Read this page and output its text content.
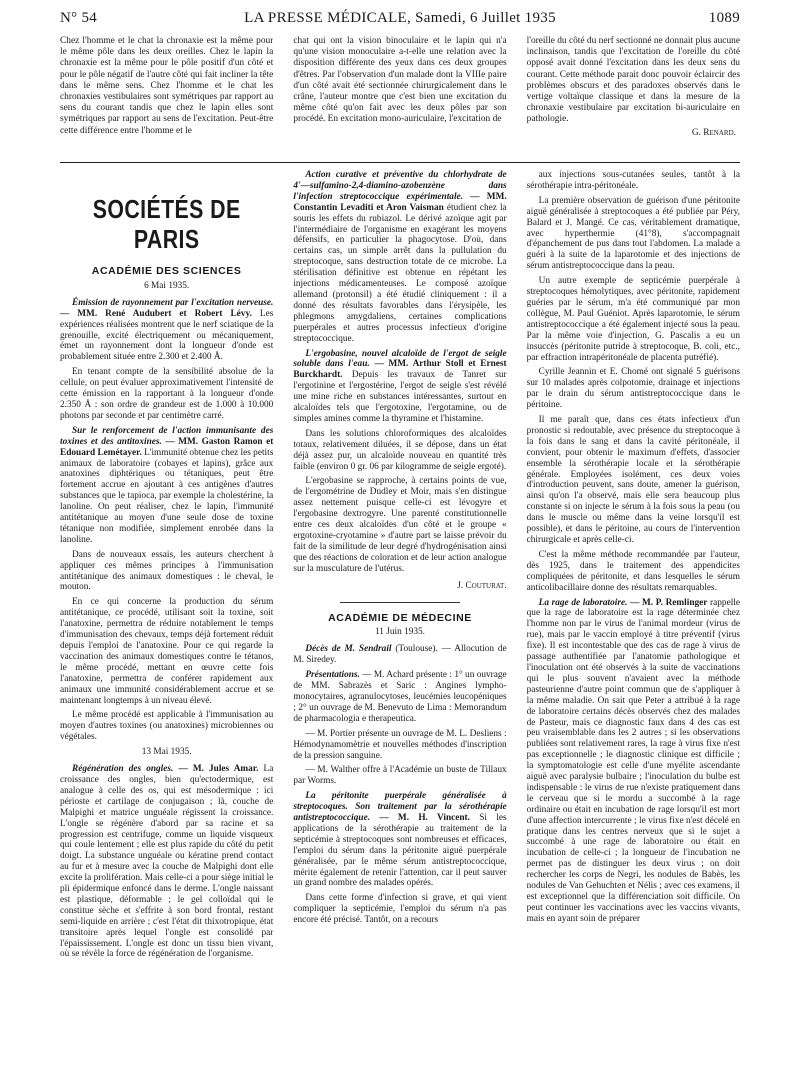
N° 54	LA PRESSE MÉDICALE, Samedi, 6 Juillet 1935	1089

Chez l'homme et le chat la chronaxie est la même pour le même pôle dans les deux oreilles. Chez le lapin la chronaxie est la même pour le pôle positif d'un côté et pour le pôle négatif de l'autre côté qui fait incliner la tête dans le même sens. Chez l'homme et le chat les chronaxies vestibulaires sont symétriques par rapport au sens du courant tandis que chez le lapin elles sont symétriques par rapport au sens de l'excitation. Peut-être cette différence entre l'homme et le

chat qui ont la vision binoculaire et le lapin qui n'a qu'une vision monoculaire a-t-elle une relation avec la disposition différente des yeux dans ces deux groupes d'êtres. Par l'observation d'un malade dont la VIIIe paire d'un côté avait été sectionnée chirurgicalement dans le crâne, l'auteur montre que c'est bien une excitation du même côté qu'on fait avec les deux pôles par son procédé. En excitation mono-auriculaire, l'excitation de

l'oreille du côté du nerf sectionné ne donnait plus aucune inclinaison, tandis que l'excitation de l'oreille du côté opposé avait donné l'excitation dans les deux sens du courant. Cette méthode parait donc pouvoir éclaircir des problèmes obscurs et des paradoxes observés dans le vertige voltaïque classique et dans la mesure de la chronaxie vestibulaire par excitation bi-auriculaire en pathologie.

G. Renard.

SOCIÉTÉS DE PARIS
ACADÉMIE DES SCIENCES
6 Mai 1935.

Émission de rayonnement par l'excitation nerveuse. — MM. René Audubert et Robert Lévy. Les expériences réalisées montrent que le nerf sciatique de la grenouille, excité électriquement ou mécaniquement, émet un rayonnement dont la longueur d'onde est probablement située entre 2.300 et 2.400 Å.

En tenant compte de la sensibilité absolue de la cellule, on peut évaluer approximativement l'intensité de cette émission en la rapportant à la longueur d'onde 2.350 Å : son ordre de grandeur est de 1.000 à 10.000 photons par seconde et par centimètre carré.

Sur le renforcement de l'action immunisante des toxines et des antitoxines. — MM. Gaston Ramon et Edouard Lemétayer. L'immunité obtenue chez les petits animaux de laboratoire (cobayes et lapins), grâce aux anatoxines diphtériques ou tétaniques, peut être fortement accrue en ajoutant à ces antigènes d'autres substances que le tapioca, par exemple la cholestérine, la lanoline. On peut réaliser, chez le lapin, l'immunité antitétanique au moyen d'une seule dose de toxine tétanique non modifiée, simplement enrobée dans la lanoline.

Dans de nouveaux essais, les auteurs cherchent à appliquer ces mêmes principes à l'immunisation antitétanique des animaux domestiques : le cheval, le mouton.

En ce qui concerne la production du sérum antitétanique, ce procédé, utilisant soit la toxine, soit l'anatoxine, permettra de réduire notablement le temps d'immunisation des chevaux, temps déjà fortement réduit depuis l'emploi de l'anatoxine. Pour ce qui regarde la vaccination des animaux domestiques contre le tétanos, le même procédé, mettant en œuvre cette fois l'anatoxine, permettra de conférer rapidement aux animaux une immunité considérablement accrue et se maintenant longtemps à un niveau élevé.

Le même procédé est applicable à l'immunisation au moyen d'autres toxines (ou anatoxines) microbiennes ou végétales.

13 Mai 1935.

Régénération des ongles. — M. Jules Amar. La croissance des ongles, bien qu'ectodermique, est analogue à celle des os, qui est mésodermique : ici périoste et cartilage de conjugaison ; là, couche de Malpighi et matrice unguéale régissent la croissance. L'ongle se régénère d'abord par sa racine et sa progression est centrifuge, comme un liquide visqueux qui coule lentement ; elle est plus rapide du côté du petit doigt. La substance unguéale ou kératine prend contact au fur et à mesure avec la couche de Malpighi dont elle excite la prolifération. Mais celle-ci a pour siège initial le pli épidermique enfoncé dans le derme. L'ongle naissant est plastique, déformable ; le gel colloïdal qui le constitue sèche et s'effrite à son bord frontal, restant semi-liquide en arrière ; c'est l'état dit thixotropique, état transitoire après lequel l'ongle est consolidé par l'épaississement. L'ongle est donc un tissu bien vivant, où se révèle la force de régénération de l'organisme.

Action curative et préventive du chlorhydrate de 4'—sulfamino-2,4-diamino-azobenzène dans l'infection streptococcique expérimentale. — MM. Constantin Levaditi et Aron Vaisman étudient chez la souris les effets du rubiazol. Le dérivé azoïque agit par l'intermédiaire de l'organisme en exagérant les moyens défensifs, en particulier la phagocytose. D'où, dans certains cas, un simple arrêt dans la pullulation du streptocoque, sans destruction totale de ce microbe. La stérilisation définitive est obtenue en répétant les injections médicamenteuses. Le composé azoïque allemand (protonsil) a été étudié cliniquement : il a donné des résultats favorables dans l'érysipèle, les phlegmons amygdaliens, certaines complications puerpérales et autres processus infectieux d'origine streptococcique.

L'ergobasine, nouvel alcaloïde de l'ergot de seigle soluble dans l'eau. — MM. Arthur Stoll et Ernest Burckhardt. Depuis les travaux de Tanret sur l'ergotinine et l'ergostérine, l'ergot de seigle s'est révélé une mine riche en substances intéressantes, surtout en alcaloïdes tels que l'ergotoxine, l'ergotamine, ou de simples amines comme la thyramine et l'histamine.

Dans les solutions chloroformiques des alcaloïdes totaux, relativement diluées, il se dépose, dans un état déjà assez pur, un alcaloïde nouveau en quantité très faible (environ 0 gr. 06 par kilogramme de seigle ergoté).

L'ergobasine se rapproche, à certains points de vue, de l'ergométrine de Dudley et Moir, mais s'en distingue assez nettement puisque celle-ci est lévogyre et l'ergobasine dextrogyre. Une parenté constitutionnelle entre ces deux alcaloïdes d'un côté et le groupe « ergotoxine-cryotamine » d'autre part se laisse prévoir du fait de la similitude de leur degré d'hydrogénisation ainsi que des réactions de coloration et de leur action analogue sur la musculature de l'utérus.

J. Couturat.

ACADÉMIE DE MÉDECINE
11 Juin 1935.

Décès de M. Sendrail (Toulouse). — Allocution de M. Siredey.

Présentations. — M. Achard présente : 1° un ouvrage de MM. Sabrazès et Saric : Angines lympho-monocytaires, agranulocytoses, leucémies leucopéniques ; 2° un ouvrage de M. Benevuto de Lima : Memorandum de pharmacologia e therapeutica.

— M. Portier présente un ouvrage de M. L. Desliens : Hémodynamomètrie et nouvelles méthodes d'inscription de la pression sanguine.

— M. Walther offre à l'Académie un buste de Tillaux par Worms.

La péritonite puerpérale généralisée à streptocoques. Son traitement par la sérothérapie antistreptococcique. — M. H. Vincent. Si les applications de la sérothérapie au traitement de la septicémie à streptocoques sont nombreuses et efficaces, l'emploi du sérum dans la péritonite aiguë puerpérale généralisée, par le même sérum antistreptococcique, mérite également de retenir l'attention, car il peut sauver un grand nombre des malades opérés.

Dans cette forme d'infection si grave, et qui vient compliquer la septicémie, l'emploi du sérum n'a pas encore été précisé. Tantôt, on a recours

aux injections sous-cutanées seules, tantôt à la sérothérapie intra-péritonéale.

La première observation de guérison d'une péritonite aiguë généralisée à streptocoques a été publiée par Péry, Balard et J. Mangé. Ce cas, véritablement dramatique, avec hyperthermie (41°8), s'accompagnait d'épanchement de pus dans tout l'abdomen. La malade a guéri à la suite de la laparotomie et des injections de sérum antistreptococcique dans la peau.

Un autre exemple de septicémie puerpérale à streptocoques hémolytiques, avec péritonite, rapidement guéries par le sérum, m'a été communiqué par mon collègue, M. Paul Guéniot. Après laparotomie, le sérum antistreptococcique a été également injecté sous la peau. Par la même voie d'injection, G. Pascalis a eu un insuccès (péritonite putride à streptocoque, B. coli, etc., par effraction intrapéritonéale de placenta putréfié).

Cyrille Jeannin et E. Chomé ont signalé 5 guérisons sur 10 malades après colpotomie, drainage et injections par le drain du sérum antistreptococcique dans le péritoine.

Il me paraît que, dans ces états infectieux d'un pronostic si redoutable, avec présence du streptocoque à la fois dans le sang et dans la cavité péritonéale, il convient, pour obtenir le maximum d'effets, d'associer ensemble la sérothérapie locale et la sérothérapie générale. Employées isolément, ces deux voies d'introduction peuvent, sans doute, amener la guérison, ainsi qu'on l'a observé, mais elle sera beaucoup plus constante si on injecte le sérum à la fois sous la peau (ou dans le muscle ou même dans la veine lorsqu'il est possible), et dans le péritoine, au cours de l'intervention chirurgicale et après celle-ci.

C'est la même méthode recommandée par l'auteur, dès 1925, dans le traitement des appendicites compliquées de péritonite, et dans lesquelles le sérum anticolibacillaire donne des résultats remarquables.

La rage de laboratoire. — M. P. Remlinger rappelle que la rage de laboratoire est la rage déterminée chez l'homme non par le virus de l'animal mordeur (virus de rue), mais par le vaccin employé à titre préventif (virus fixe). Il est incontestable que des cas de rage à virus de passage authentifiée par l'anatomie pathologique et l'inoculation ont été observés à la suite de vaccinations qui le plus souvent n'avaient avec la méthode pasteurienne d'autre point commun que de s'appliquer à la même maladie. On sait que Peter a attribué à la rage de laboratoire certains décès observés chez des malades de Pasteur, mais ce diagnostic faux dans 4 des cas est peu vraisemblable dans les 2 autres ; si les observations publiées sont relativement rares, la rage à virus fixe n'est pas exceptionnelle ; le diagnostic clinique est difficile ; la symptomatologie est celle d'une myélite ascendante aiguë avec paralysie bulbaire ; l'inoculation du bulbe est indispensable : le virus de rue n'existe pratiquement dans le cerveau que si le mordu a succombé à la rage ordinaire ou était en incubation de rage lorsqu'il est mort d'une affection intercurrente ; le virus fixe n'est décelé en pratique dans les centres nerveux que si le sujet a succombé à une rage de laboratoire ou était en incubation de celle-ci ; la longueur de l'incubation ne permet pas de distinguer les deux virus ; on doit rechercher les corps de Negri, les nodules de Babès, les nodules de Van Gehuchten et Nélis ; avec ces examens, il est exceptionnel que la différenciation soit difficile. On peut continuer les vaccinations avec les vaccins vivants, mais en ayant soin de préparer
